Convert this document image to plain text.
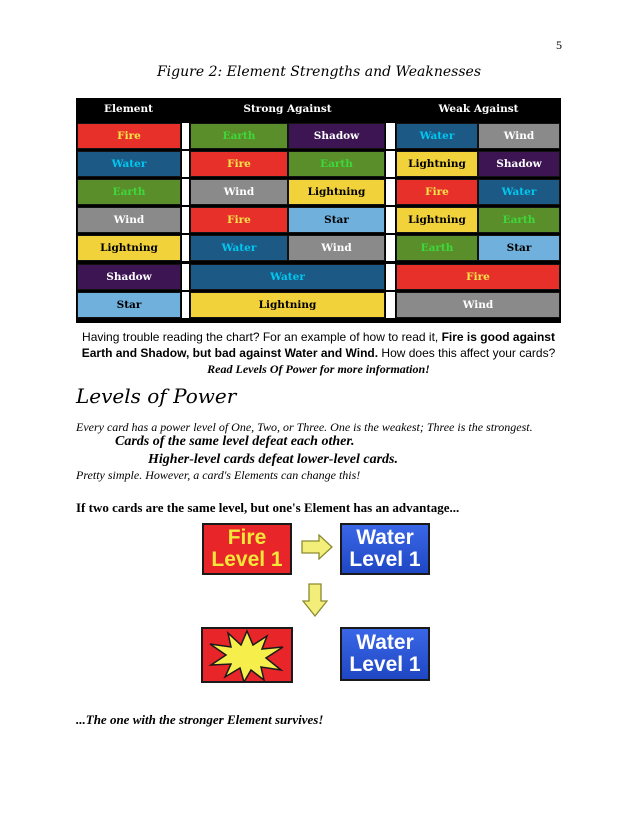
5
Figure 2: Element Strengths and Weaknesses
Element	Strong Against	Weak Against
Fire	Earth	Shadow	Water	Wind
Water	Fire	Earth	Lightning	Shadow
Earth	Wind	Lightning	Fire	Water
Wind	Fire	Star	Lightning	Earth
Lightning	Water	Wind	Earth	Star
Shadow	Water	Fire
Star	Lightning	Wind
Having trouble reading the chart? For an example of how to read it, Fire is good against Earth and Shadow, but bad against Water and Wind. How does this affect your cards? Read Levels Of Power for more information!
Levels of Power
Every card has a power level of One, Two, or Three. One is the weakest; Three is the strongest.
Cards of the same level defeat each other.
Higher-level cards defeat lower-level cards.
Pretty simple. However, a card's Elements can change this!
If two cards are the same level, but one's Element has an advantage...
Fire
Level 1
Water
Level 1
Water
Level 1
...The one with the stronger Element survives!
